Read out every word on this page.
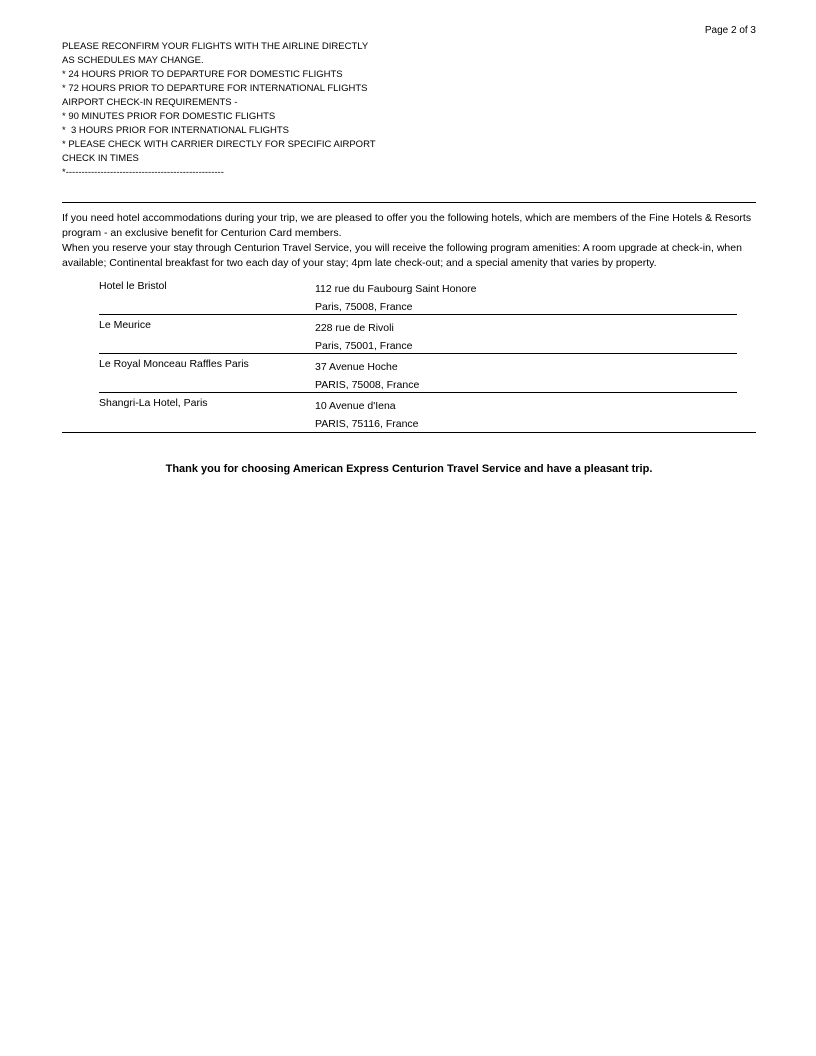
Page 2 of 3
PLEASE RECONFIRM YOUR FLIGHTS WITH THE AIRLINE DIRECTLY
AS SCHEDULES MAY CHANGE.
* 24 HOURS PRIOR TO DEPARTURE FOR DOMESTIC FLIGHTS
* 72 HOURS PRIOR TO DEPARTURE FOR INTERNATIONAL FLIGHTS
AIRPORT CHECK-IN REQUIREMENTS -
* 90 MINUTES PRIOR FOR DOMESTIC FLIGHTS
*  3 HOURS PRIOR FOR INTERNATIONAL FLIGHTS
* PLEASE CHECK WITH CARRIER DIRECTLY FOR SPECIFIC AIRPORT
CHECK IN TIMES
*--------------------------------------------------

If you need hotel accommodations during your trip, we are pleased to offer you the following hotels, which are members of the Fine Hotels & Resorts program - an exclusive benefit for Centurion Card members.

When you reserve your stay through Centurion Travel Service, you will receive the following program amenities: A room upgrade at check-in, when available; Continental breakfast for two each day of your stay; 4pm late check-out; and a special amenity that varies by property.

Hotel le Bristol	112 rue du Faubourg Saint Honore
Paris, 75008, France
Le Meurice	228 rue de Rivoli
Paris, 75001, France
Le Royal Monceau Raffles Paris	37 Avenue Hoche
PARIS, 75008, France
Shangri-La Hotel, Paris	10 Avenue d'Iena
PARIS, 75116, France
Thank you for choosing American Express Centurion Travel Service and have a pleasant trip.
